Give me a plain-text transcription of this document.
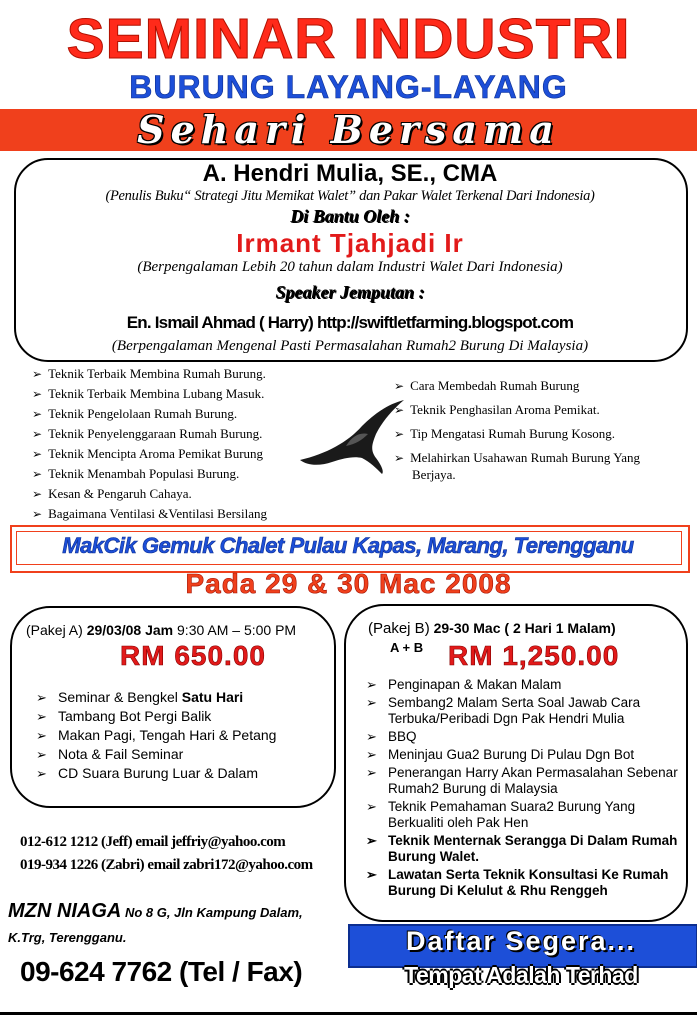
SEMINAR INDUSTRI
BURUNG LAYANG-LAYANG
Sehari Bersama
A. Hendri Mulia, SE., CMA
(Penulis Buku“ Strategi Jitu Memikat Walet” dan Pakar Walet Terkenal Dari Indonesia)
Di Bantu Oleh :
Irmant Tjahjadi Ir
(Berpengalaman Lebih 20 tahun dalam Industri Walet Dari Indonesia)
Speaker Jemputan :
En. Ismail Ahmad ( Harry) http://swiftletfarming.blogspot.com
(Berpengalaman Mengenal Pasti Permasalahan Rumah2 Burung Di Malaysia)
➢ Teknik Terbaik Membina Rumah Burung.
➢ Teknik Terbaik Membina Lubang Masuk.
➢ Teknik Pengelolaan Rumah Burung.
➢ Teknik Penyelenggaraan Rumah Burung.
➢ Teknik Mencipta Aroma Pemikat Burung
➢ Teknik Menambah Populasi Burung.
➢ Kesan & Pengaruh Cahaya.
➢ Bagaimana Ventilasi &Ventilasi Bersilang
➢ Cara Membedah Rumah Burung
➢ Teknik Penghasilan Aroma Pemikat.
➢ Tip Mengatasi Rumah Burung Kosong.
➢ Melahirkan Usahawan Rumah Burung Yang
Berjaya.
MakCik Gemuk Chalet Pulau Kapas, Marang, Terengganu
Pada 29 & 30 Mac 2008
(Pakej A) 29/03/08 Jam 9:30 AM – 5:00 PM
RM 650.00
➢ Seminar & Bengkel Satu Hari
➢ Tambang Bot Pergi Balik
➢ Makan Pagi, Tengah Hari & Petang
➢ Nota & Fail Seminar
➢ CD Suara Burung Luar & Dalam
(Pakej B) 29-30 Mac ( 2 Hari 1 Malam)
A + B RM 1,250.00
➢ Penginapan & Makan Malam
➢ Sembang2 Malam Serta Soal Jawab Cara Terbuka/Peribadi Dgn Pak Hendri Mulia
➢ BBQ
➢ Meninjau Gua2 Burung Di Pulau Dgn Bot
➢ Penerangan Harry Akan Permasalahan Sebenar Rumah2 Burung di Malaysia
➢ Teknik Pemahaman Suara2 Burung Yang Berkualiti oleh Pak Hen
➢ Teknik Menternak Serangga Di Dalam Rumah Burung Walet.
➢ Lawatan Serta Teknik Konsultasi Ke Rumah Burung Di Kelulut & Rhu Renggeh
012-612 1212 (Jeff) email jeffriy@yahoo.com
019-934 1226 (Zabri) email zabri172@yahoo.com
MZN NIAGA No 8 G, Jln Kampung Dalam,
K.Trg, Terengganu.
09-624 7762 (Tel / Fax)
Daftar Segera...
Tempat Adalah Terhad
